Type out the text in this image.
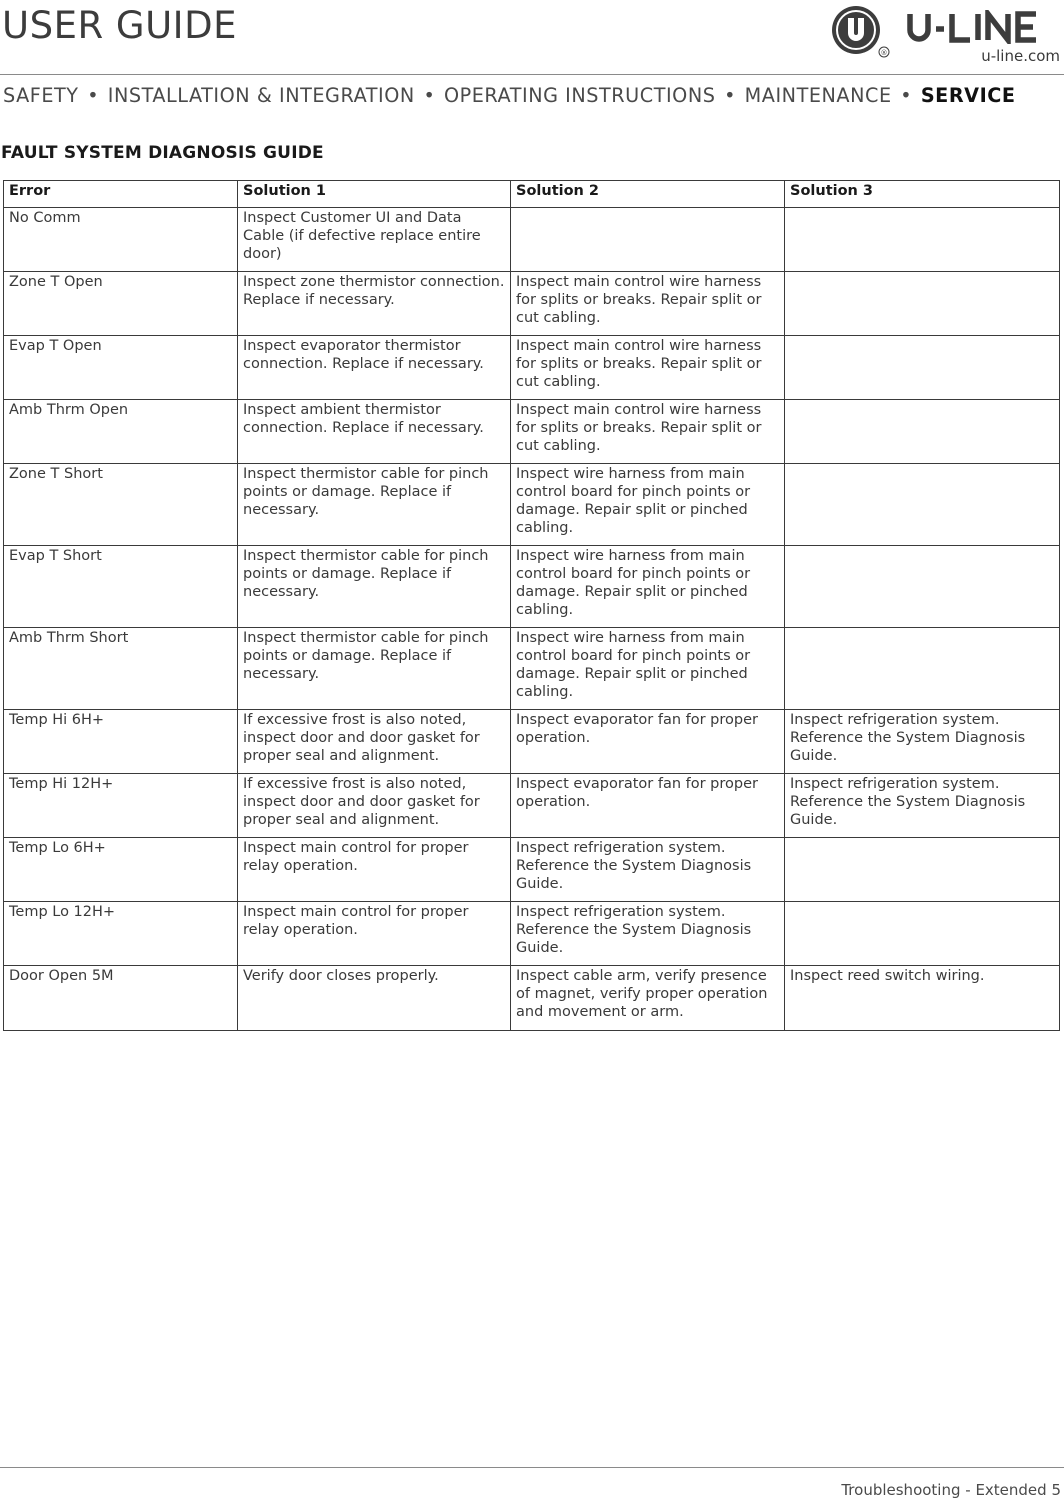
USER GUIDE
®	u-line.com
SAFETY • INSTALLATION & INTEGRATION • OPERATING INSTRUCTIONS • MAINTENANCE • SERVICE
FAULT SYSTEM DIAGNOSIS GUIDE
Error	Solution 1	Solution 2	Solution 3
No Comm	Inspect Customer UI and Data Cable (if defective replace entire door)		
Zone T Open	Inspect zone thermistor connection. Replace if necessary.	Inspect main control wire harness for splits or breaks. Repair split or cut cabling.	
Evap T Open	Inspect evaporator thermistor connection. Replace if necessary.	Inspect main control wire harness for splits or breaks. Repair split or cut cabling.	
Amb Thrm Open	Inspect ambient thermistor connection. Replace if necessary.	Inspect main control wire harness for splits or breaks. Repair split or cut cabling.	
Zone T Short	Inspect thermistor cable for pinch points or damage. Replace if necessary.	Inspect wire harness from main control board for pinch points or damage. Repair split or pinched cabling.	
Evap T Short	Inspect thermistor cable for pinch points or damage. Replace if necessary.	Inspect wire harness from main control board for pinch points or damage. Repair split or pinched cabling.	
Amb Thrm Short	Inspect thermistor cable for pinch points or damage. Replace if necessary.	Inspect wire harness from main control board for pinch points or damage. Repair split or pinched cabling.	
Temp Hi 6H+	If excessive frost is also noted, inspect door and door gasket for proper seal and alignment.	Inspect evaporator fan for proper operation.	Inspect refrigeration system. Reference the System Diagnosis Guide.
Temp Hi 12H+	If excessive frost is also noted, inspect door and door gasket for proper seal and alignment.	Inspect evaporator fan for proper operation.	Inspect refrigeration system. Reference the System Diagnosis Guide.
Temp Lo 6H+	Inspect main control for proper relay operation.	Inspect refrigeration system. Reference the System Diagnosis Guide.	
Temp Lo 12H+	Inspect main control for proper relay operation.	Inspect refrigeration system. Reference the System Diagnosis Guide.	
Door Open 5M	Verify door closes properly.	Inspect cable arm, verify presence of magnet, verify proper operation and movement or arm.	Inspect reed switch wiring.
Troubleshooting - Extended 5
